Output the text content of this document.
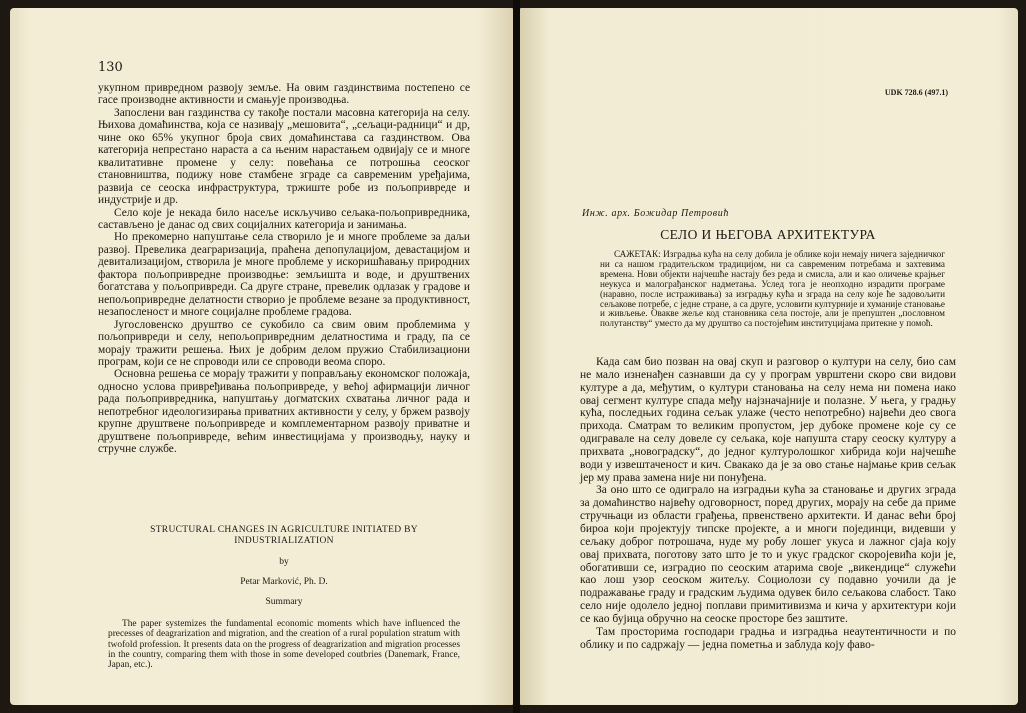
130

укупном привредном развоју земље. На овим газдинствима постепено се гасе производне активности и смањује производња.

Запослени ван газдинства су такође постали масовна категорија на селу. Њихова домаћинства, која се називају „мешовита“, „сељаци-радници“ и др, чине око 65% укупног броја свих домаћинстава са газдинством. Ова категорија непрестано нараста а са њеним нарастањем одвијају се и многе квалитативне промене у селу: повећања се потрошња сеоског становништва, подижу нове стамбене зграде са савременим уређајима, развија се сеоска инфраструктура, тржиште робе из пољопривреде и индустрије и др.

Село које је некада било насеље искључиво сељака-пољопривредника, састављено је данас од свих социјалних категорија и занимања.

Но прекомерно напуштање села створило је и многе проблеме за даљи развој. Превелика деаграризација, праћена депопулацијом, девастацијом и девитализацијом, створила је многе проблеме у искоришћавању природних фактора пољопривредне производње: земљишта и воде, и друштвених богатстава у пољопривреди. Са друге стране, превелик одлазак у градове и непољопривредне делатности створио је проблеме везане за продуктивност, незапосленост и многе социјалне проблеме градова.

Југословенско друштво се сукобило са свим овим проблемима у пољопривреди и селу, непољопривредним делатностима и граду, па се морају тражити решења. Њих је добрим делом пружио Стабилизациони програм, који се не спроводи или се спроводи веома споро.

Основна решења се морају тражити у поправљању економског положаја, односно услова привређивања пољопривреде, у већој афирмацији личног рада пољопривредника, напуштању догматских схватања личног рада и непотребног идеологизирања приватних активности у селу, у бржем развоју крупне друштвене пољопривреде и комплементарном развоју приватне и друштвене пољопривреде, већим инвестицијама у производњу, науку и стручне службе.

STRUCTURAL CHANGES IN AGRICULTURE INITIATED BY INDUSTRIALIZATION
by
Petar Marković, Ph. D.
Summary
The paper systemizes the fundamental economic moments which have influenced the precesses of deagrarization and migration, and the creation of a rural population stratum with twofold profession. It presents data on the progress of deagrarization and migration processes in the country, comparing them with those in some developed coutbries (Danemark, France, Japan, etc.).
UDK 728.6 (497.1)
Инж. арх. Божидар Петровић
СЕЛО И ЊЕГОВА АРХИТЕКТУРА
САЖЕТАК: Изградња кућа на селу добила је облике који немају ничега заједничког ни са нашом градитељском традицијом, ни са савременим потребама и захтевима времена. Нови објекти најчешће настају без реда и смисла, али и као оличење крајњег неукуса и малограђанског надметања. Услед тога је неопходно израдити програме (наравно, после истраживања) за изградњу кућа и зграда на селу које ће задовољити сељакове потребе, с једне стране, а са друге, условити културније и хуманије становање и живљење. Овакве жеље код становника села постоје, али је препуштен „пословном полутанству“ уместо да му друштво са постојећим институцијама притекне у помоћ.

Када сам био позван на овај скуп и разговор о култури на селу, био сам не мало изненађен сазнавши да су у програм уврштени скоро сви видови културе а да, међутим, о култури становања на селу нема ни помена иако овај сегмент културе спада међу најзначајније и полазне. У њега, у градњу кућа, последњих година сељак улаже (често непотребно) највећи део свога прихода. Сматрам то великим пропустом, јер дубоке промене које су се одигравале на селу довеле су сељака, које напушта стару сеоску културу а прихвата „новоградску“, до једног културолошког хибрида који најчешће води у извештаченост и кич. Свакако да је за ово стање најмање крив сељак јер му права замена није ни понуђена.

За оно што се одиграло на изградњи кућа за становање и других зграда за домаћинство највећу одговорност, поред других, морају на себе да приме стручњаци из области грађења, првенствено архитекти. И данас већи број бироа који пројектују типске пројекте, а и многи појединци, видевши у сељаку доброг потрошача, нуде му робу лошег укуса и лажног сјаја коју овај прихвата, поготову зато што је то и укус градског скоројевића који је, обогативши се, изградио по сеоским атарима своје „викендице“ служећи као лош узор сеоском житељу. Социолози су подавно уочили да је подражавање граду и градским људима одувек било сељакова слабост. Тако село није одолело једној поплави примитивизма и кича у архитектури који се као бујица обручно на сеоске просторе без заштите.

Там просторима господари градња и изградња неаутентичности и по облику и по садржају — једна пометња и заблуда коју фаво-
